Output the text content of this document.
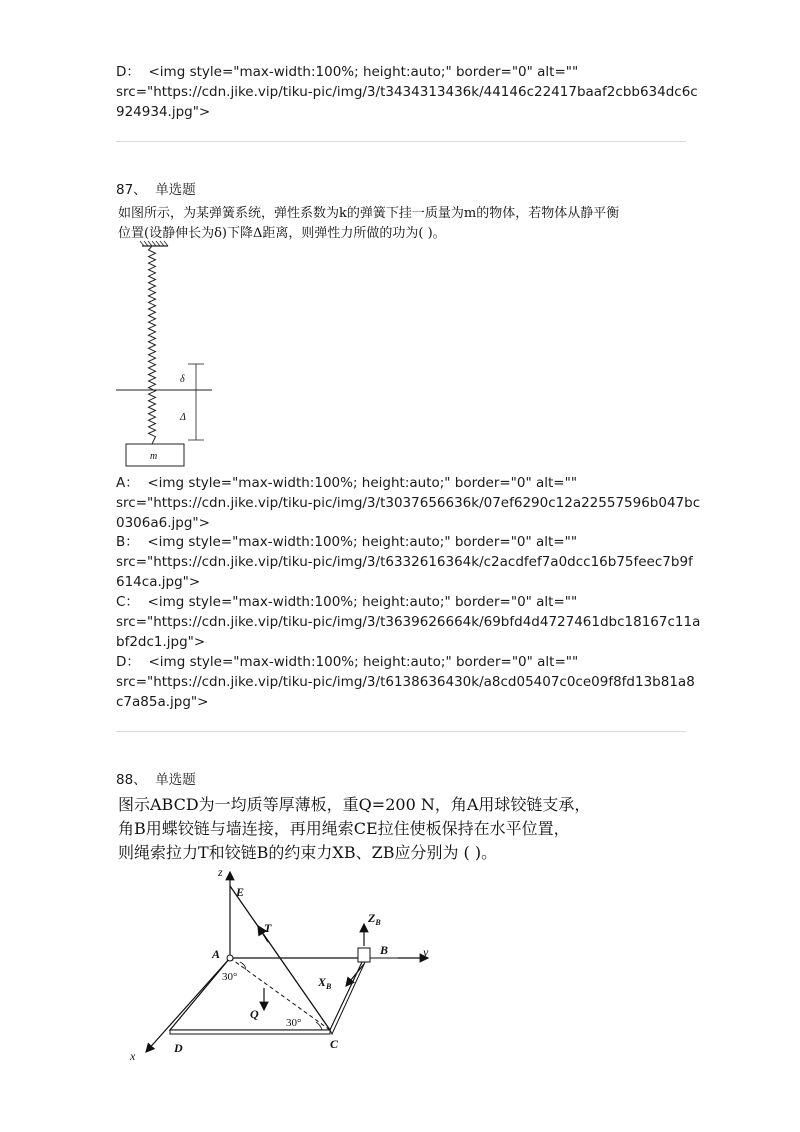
D： <img style="max-width:100%; height:auto;" border="0" alt=""
src="https://cdn.jike.vip/tiku-pic/img/3/t3434313436k/44146c22417baaf2cbb634dc6c
924934.jpg">
87、 单选题
如图所示，为某弹簧系统，弹性系数为k的弹簧下挂一质量为m的物体，若物体从静平衡
位置(设静伸长为δ)下降Δ距离，则弹性力所做的功为( )。
δ
Δ
m
A： <img style="max-width:100%; height:auto;" border="0" alt=""
src="https://cdn.jike.vip/tiku-pic/img/3/t3037656636k/07ef6290c12a22557596b047bc
0306a6.jpg">
B： <img style="max-width:100%; height:auto;" border="0" alt=""
src="https://cdn.jike.vip/tiku-pic/img/3/t6332616364k/c2acdfef7a0dcc16b75feec7b9f
614ca.jpg">
C： <img style="max-width:100%; height:auto;" border="0" alt=""
src="https://cdn.jike.vip/tiku-pic/img/3/t3639626664k/69bfd4d4727461dbc18167c11a
bf2dc1.jpg">
D： <img style="max-width:100%; height:auto;" border="0" alt=""
src="https://cdn.jike.vip/tiku-pic/img/3/t6138636430k/a8cd05407c0ce09f8fd13b81a8
c7a85a.jpg">
88、 单选题
图示ABCD为一均质等厚薄板，重Q=200 N，角A用球铰链支承，
角B用蝶铰链与墙连接，再用绳索CE拉住使板保持在水平位置，
则绳索拉力T和铰链B的约束力XB、ZB应分别为 ( )。
z
y
x
E
T
A
$Z_B$
$X_B$
B
Q
30°
30°
C
D
